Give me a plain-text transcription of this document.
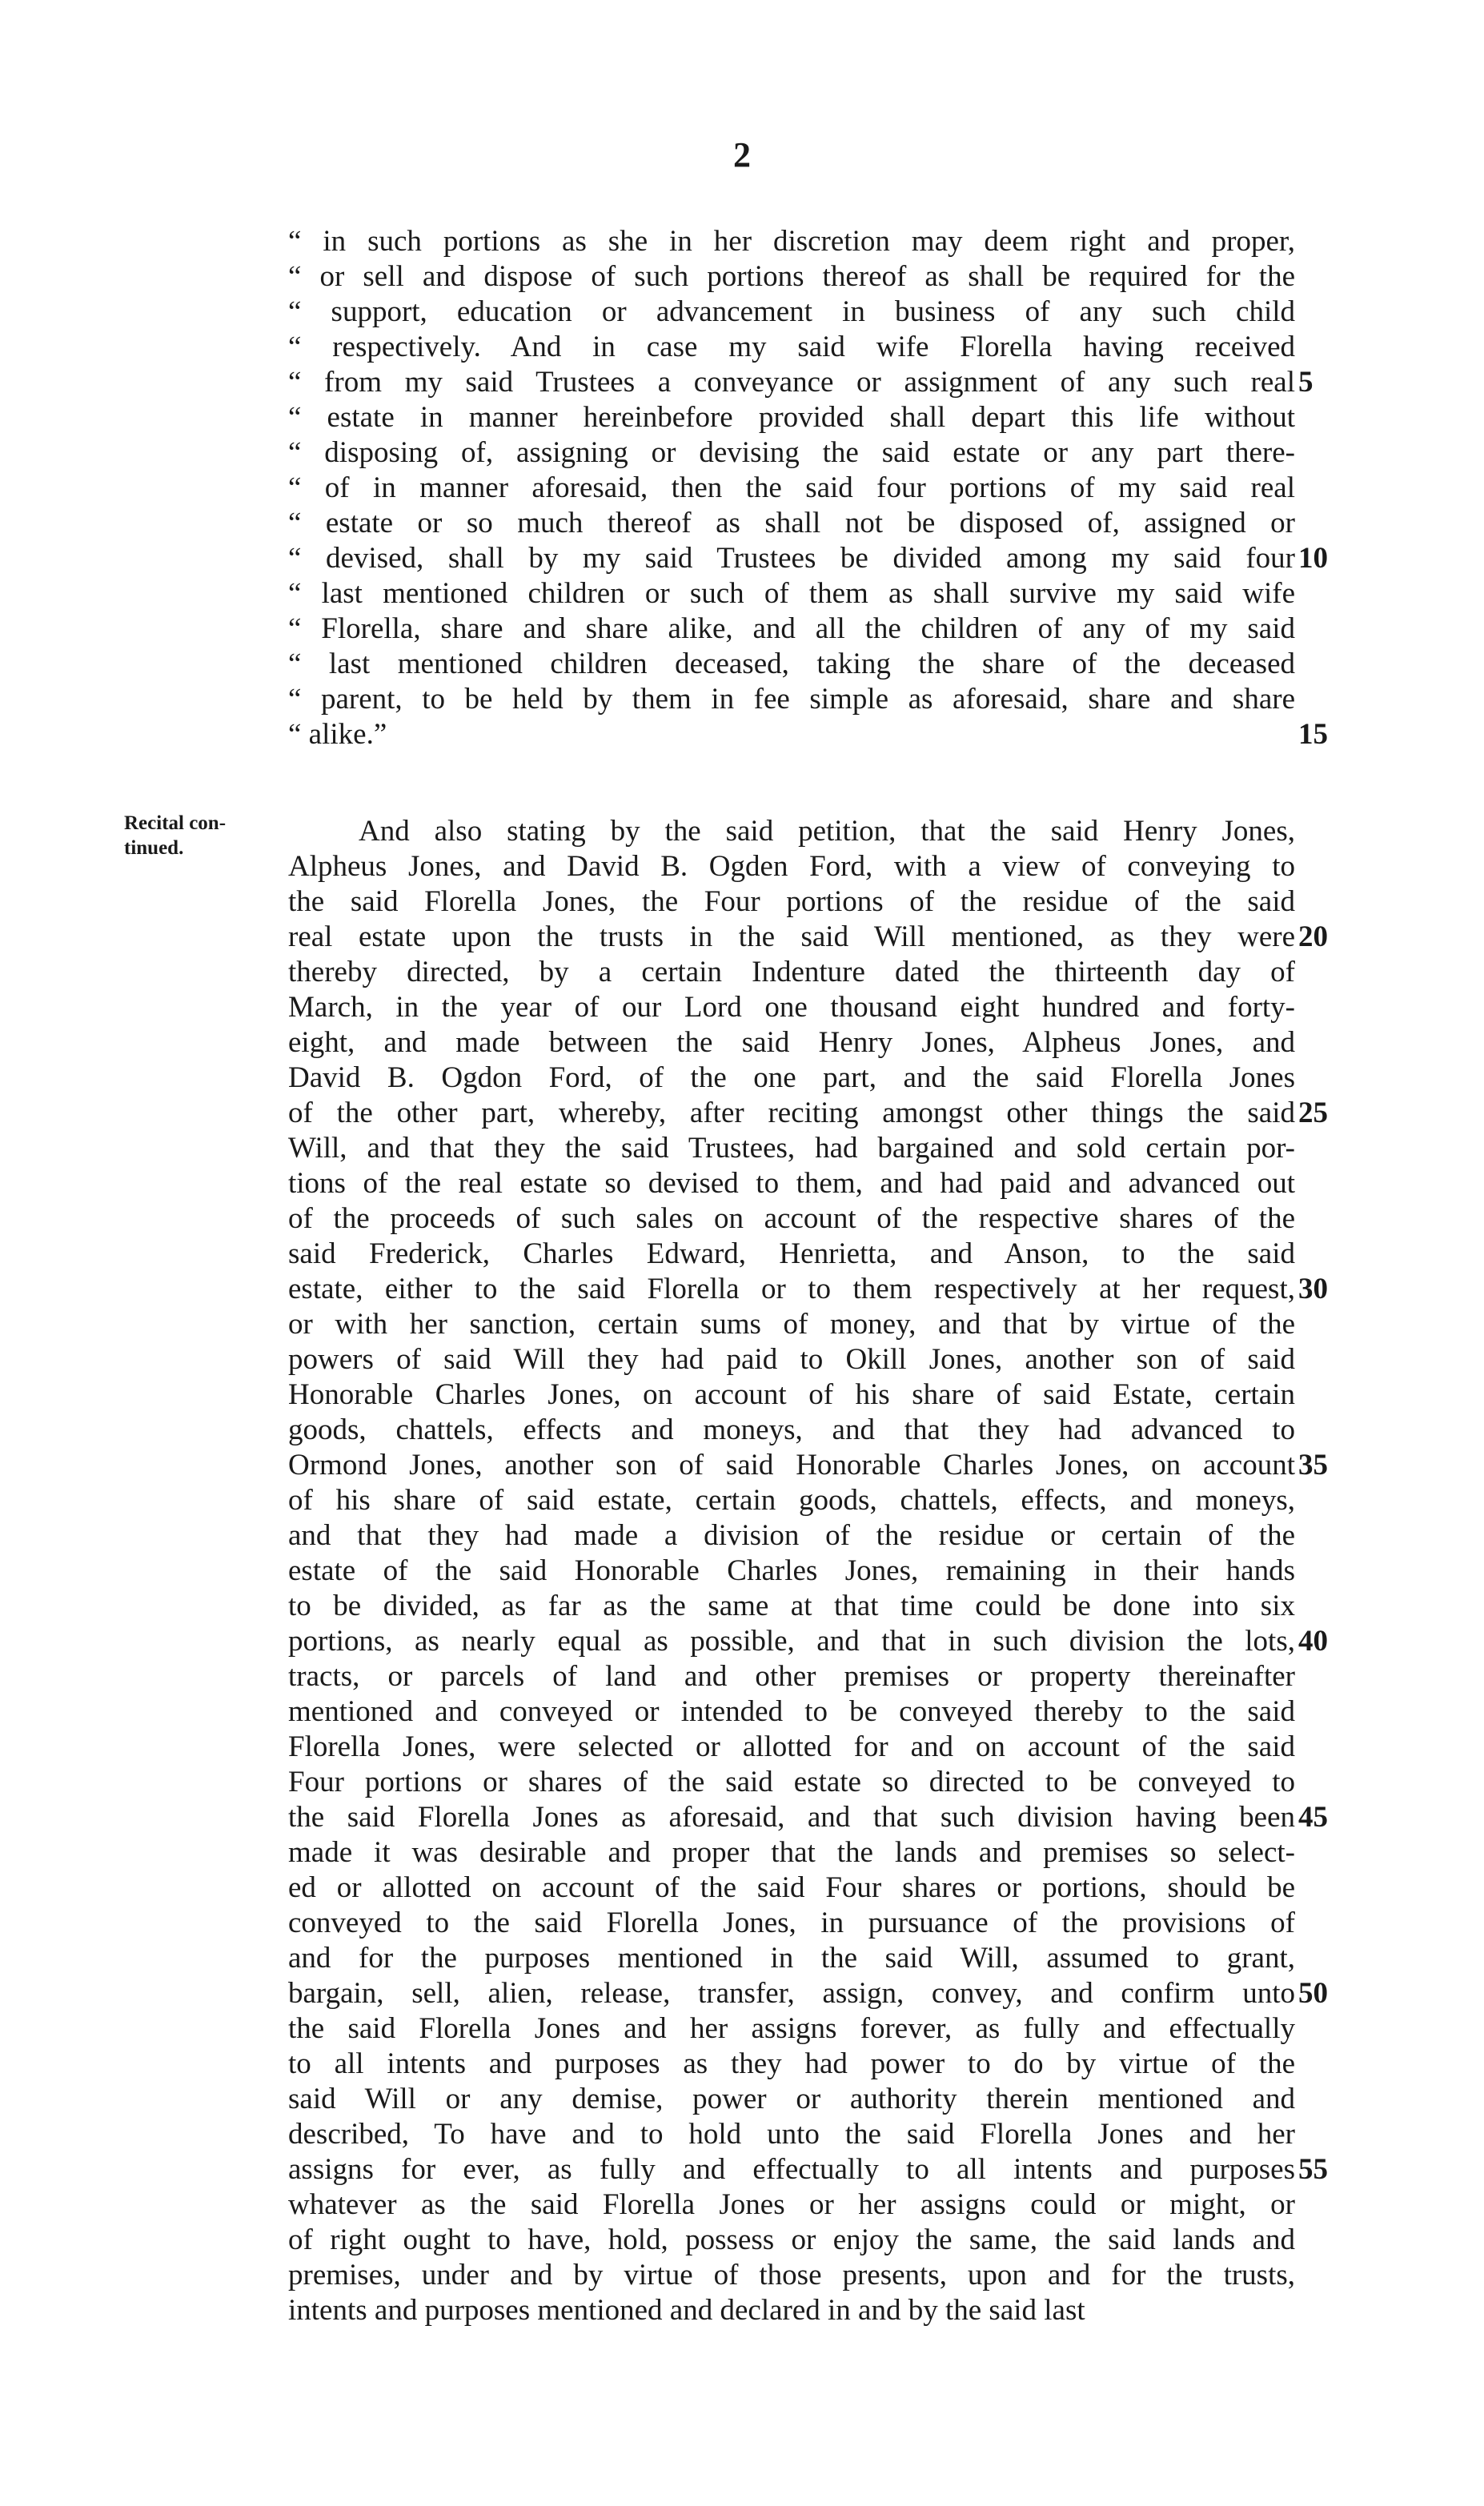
2
“ in such portions as she in her discretion may deem right and proper,
“ or sell and dispose of such portions thereof as shall be required for the
“ support, education or advancement in business of any such child
“ respectively. And in case my said wife Florella having received
“ from my said Trustees a conveyance or assignment of any such real
“ estate in manner hereinbefore provided shall depart this life without
“ disposing of, assigning or devising the said estate or any part there-
“ of in manner aforesaid, then the said four portions of my said real
“ estate or so much thereof as shall not be disposed of, assigned or
“ devised, shall by my said Trustees be divided among my said four
“ last mentioned children or such of them as shall survive my said wife
“ Florella, share and share alike, and all the children of any of my said
“ last mentioned children deceased, taking the share of the deceased
“ parent, to be held by them in fee simple as aforesaid, share and share
“ alike.”
Recital con-
tinued.
And also stating by the said petition, that the said Henry Jones,
Alpheus Jones, and David B. Ogden Ford, with a view of conveying to
the said Florella Jones, the Four portions of the residue of the said
real estate upon the trusts in the said Will mentioned, as they were
thereby directed, by a certain Indenture dated the thirteenth day of
March, in the year of our Lord one thousand eight hundred and forty-
eight, and made between the said Henry Jones, Alpheus Jones, and
David B. Ogdon Ford, of the one part, and the said Florella Jones
of the other part, whereby, after reciting amongst other things the said
Will, and that they the said Trustees, had bargained and sold certain por-
tions of the real estate so devised to them, and had paid and advanced out
of the proceeds of such sales on account of the respective shares of the
said Frederick, Charles Edward, Henrietta, and Anson, to the said
estate, either to the said Florella or to them respectively at her request,
or with her sanction, certain sums of money, and that by virtue of the
powers of said Will they had paid to Okill Jones, another son of said
Honorable Charles Jones, on account of his share of said Estate, certain
goods, chattels, effects and moneys, and that they had advanced to
Ormond Jones, another son of said Honorable Charles Jones, on account
of his share of said estate, certain goods, chattels, effects, and moneys,
and that they had made a division of the residue or certain of the
estate of the said Honorable Charles Jones, remaining in their hands
to be divided, as far as the same at that time could be done into six
portions, as nearly equal as possible, and that in such division the lots,
tracts, or parcels of land and other premises or property thereinafter
mentioned and conveyed or intended to be conveyed thereby to the said
Florella Jones, were selected or allotted for and on account of the said
Four portions or shares of the said estate so directed to be conveyed to
the said Florella Jones as aforesaid, and that such division having been
made it was desirable and proper that the lands and premises so select-
ed or allotted on account of the said Four shares or portions, should be
conveyed to the said Florella Jones, in pursuance of the provisions of
and for the purposes mentioned in the said Will, assumed to grant,
bargain, sell, alien, release, transfer, assign, convey, and confirm unto
the said Florella Jones and her assigns forever, as fully and effectually
to all intents and purposes as they had power to do by virtue of the
said Will or any demise, power or authority therein mentioned and
described, To have and to hold unto the said Florella Jones and her
assigns for ever, as fully and effectually to all intents and purposes
whatever as the said Florella Jones or her assigns could or might, or
of right ought to have, hold, possess or enjoy the same, the said lands and
premises, under and by virtue of those presents, upon and for the trusts,
intents and purposes mentioned and declared in and by the said last
5
10
15
20
25
30
35
40
45
50
55
